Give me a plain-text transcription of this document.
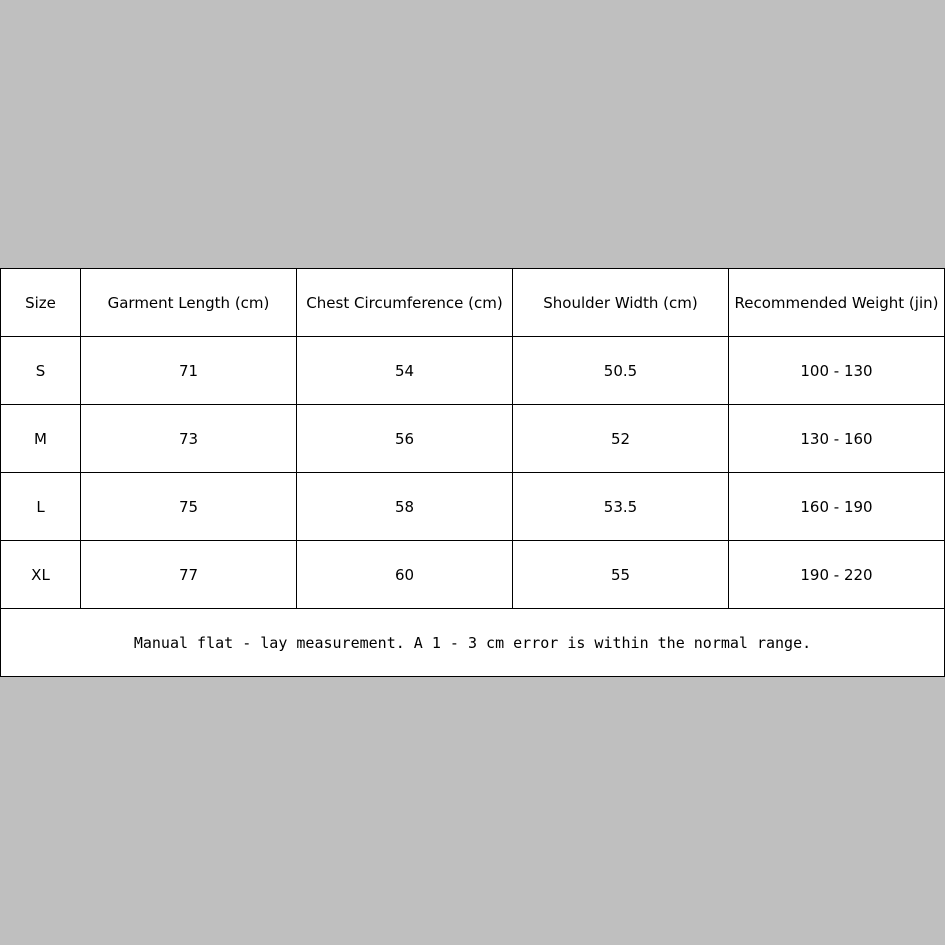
Size	Garment Length (cm)	Chest Circumference (cm)	Shoulder Width (cm)	Recommended Weight (jin)
S	71	54	50.5	100 - 130
M	73	56	52	130 - 160
L	75	58	53.5	160 - 190
XL	77	60	55	190 - 220
Manual flat - lay measurement. A 1 - 3 cm error is within the normal range.				
